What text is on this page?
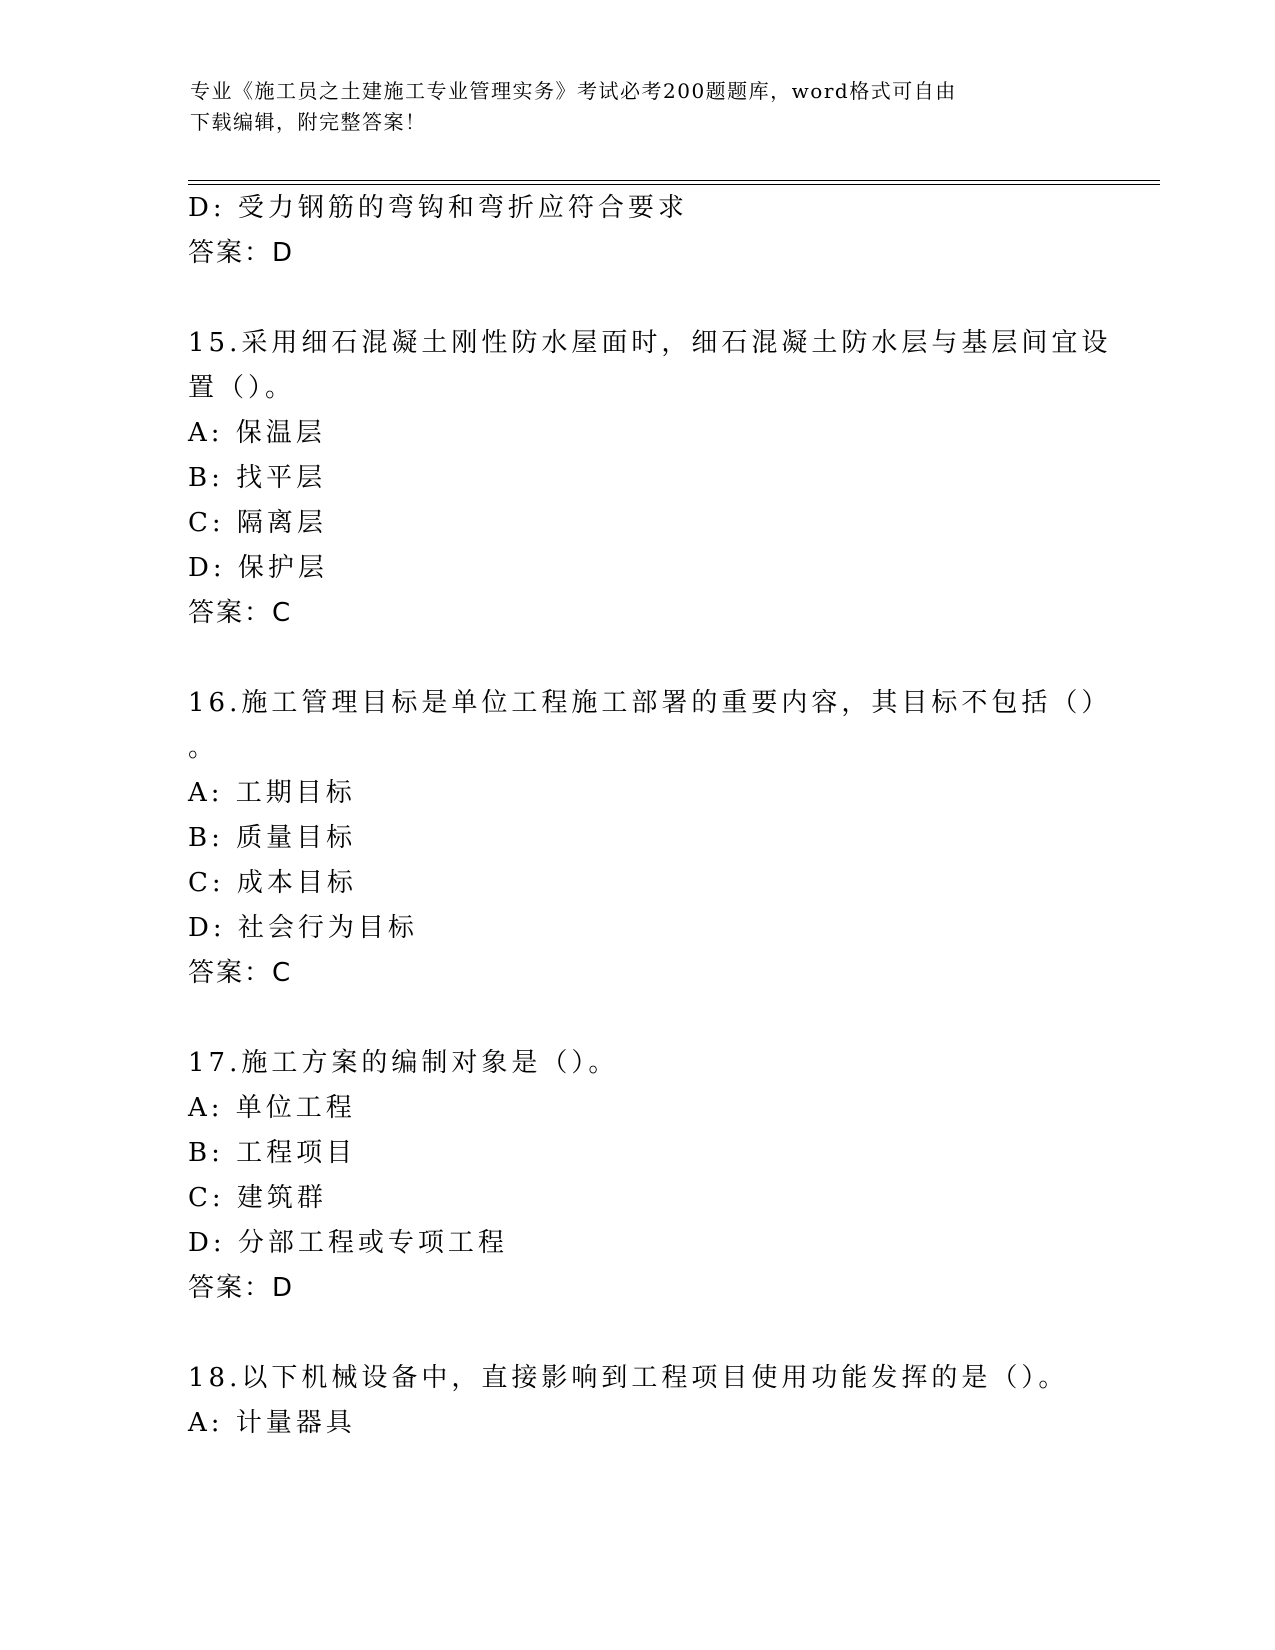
专业《施工员之土建施工专业管理实务》考试必考200题题库，word格式可自由
下载编辑，附完整答案！
D: 受力钢筋的弯钩和弯折应符合要求
答案：D
15.采用细石混凝土刚性防水屋面时，细石混凝土防水层与基层间宜设
置（）。
A: 保温层
B: 找平层
C: 隔离层
D: 保护层
答案：C
16.施工管理目标是单位工程施工部署的重要内容，其目标不包括（）
。
A: 工期目标
B: 质量目标
C: 成本目标
D: 社会行为目标
答案：C
17.施工方案的编制对象是（）。
A: 单位工程
B: 工程项目
C: 建筑群
D: 分部工程或专项工程
答案：D
18.以下机械设备中，直接影响到工程项目使用功能发挥的是（）。
A: 计量器具
